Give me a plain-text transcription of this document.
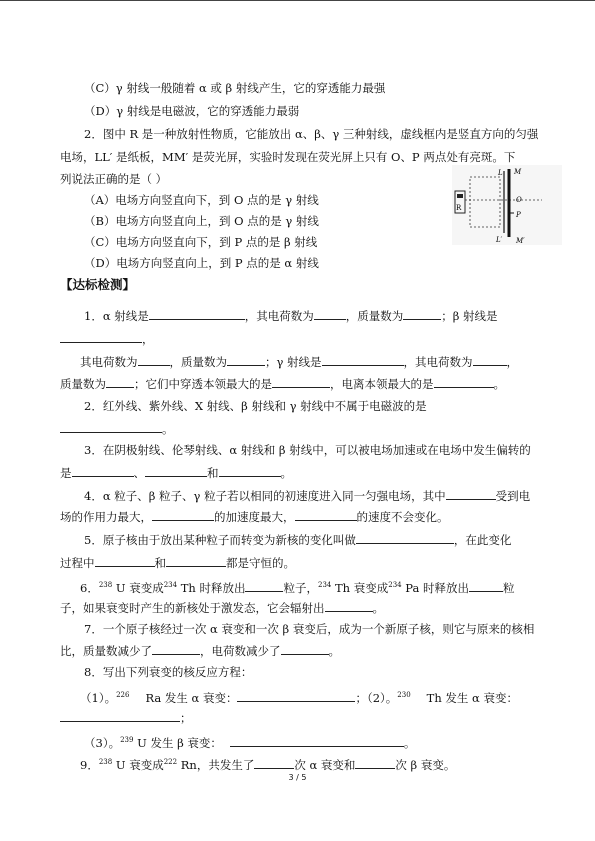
（C）γ 射线一般随着 α 或 β 射线产生，它的穿透能力最强
（D）γ 射线是电磁波，它的穿透能力最弱
2．图中 R 是一种放射性物质，它能放出 α、β、γ 三种射线，虚线框内是竖直方向的匀强
电场，LL′ 是纸板，MM′ 是荧光屏，实验时发现在荧光屏上只有 O、P 两点处有亮斑。下
列说法正确的是（ ）
（A）电场方向竖直向下，到 O 点的是 γ 射线
（B）电场方向竖直向上，到 O 点的是 γ 射线
（C）电场方向竖直向下，到 P 点的是 β 射线
（D）电场方向竖直向上，到 P 点的是 α 射线
R
L
L′
M
M′
O
P
【达标检测】
1．α 射线是	，其电荷数为	，质量数为	；β 射线是
，
其电荷数为	，质量数为	；γ 射线是	，其电荷数为	，
质量数为 ；它们中穿透本领最大的是	，电离本领最大的是	。
2．红外线、紫外线、X 射线、β 射线和 γ 射线中不属于电磁波的是
。
3．在阴极射线、伦琴射线、α 射线和 β 射线中，可以被电场加速或在电场中发生偏转的
是	、	和	。
4．α 粒子、β 粒子、γ 粒子若以相同的初速度进入同一匀强电场，其中	受到电
场的作用力最大，	的加速度最大，	的速度不会变化。
5．原子核由于放出某种粒子而转变为新核的变化叫做	，在此变化
过程中	和	都是守恒的。
6．$^{238}$ U 衰变成$^{234}$ Th 时释放出	粒子，$^{234}$ Th 衰变成$^{234}$ Pa 时释放出	粒
子，如果衰变时产生的新核处于激发态，它会辐射出	。
7．一个原子核经过一次 α 衰变和一次 β 衰变后，成为一个新原子核，则它与原来的核相
比，质量数减少了	，电荷数减少了	。
8．写出下列衰变的核反应方程：
（1）。$^{226}$ Ra 发生 α 衰变：	；（2）。$^{230}$ Th 发生 α 衰变：
；
（3）。$^{239}$ U 发生 β 衰变：	。
9．$^{238}$ U 衰变成$^{222}$ Rn，共发生了	次 α 衰变和	次 β 衰变。
3 / 5
